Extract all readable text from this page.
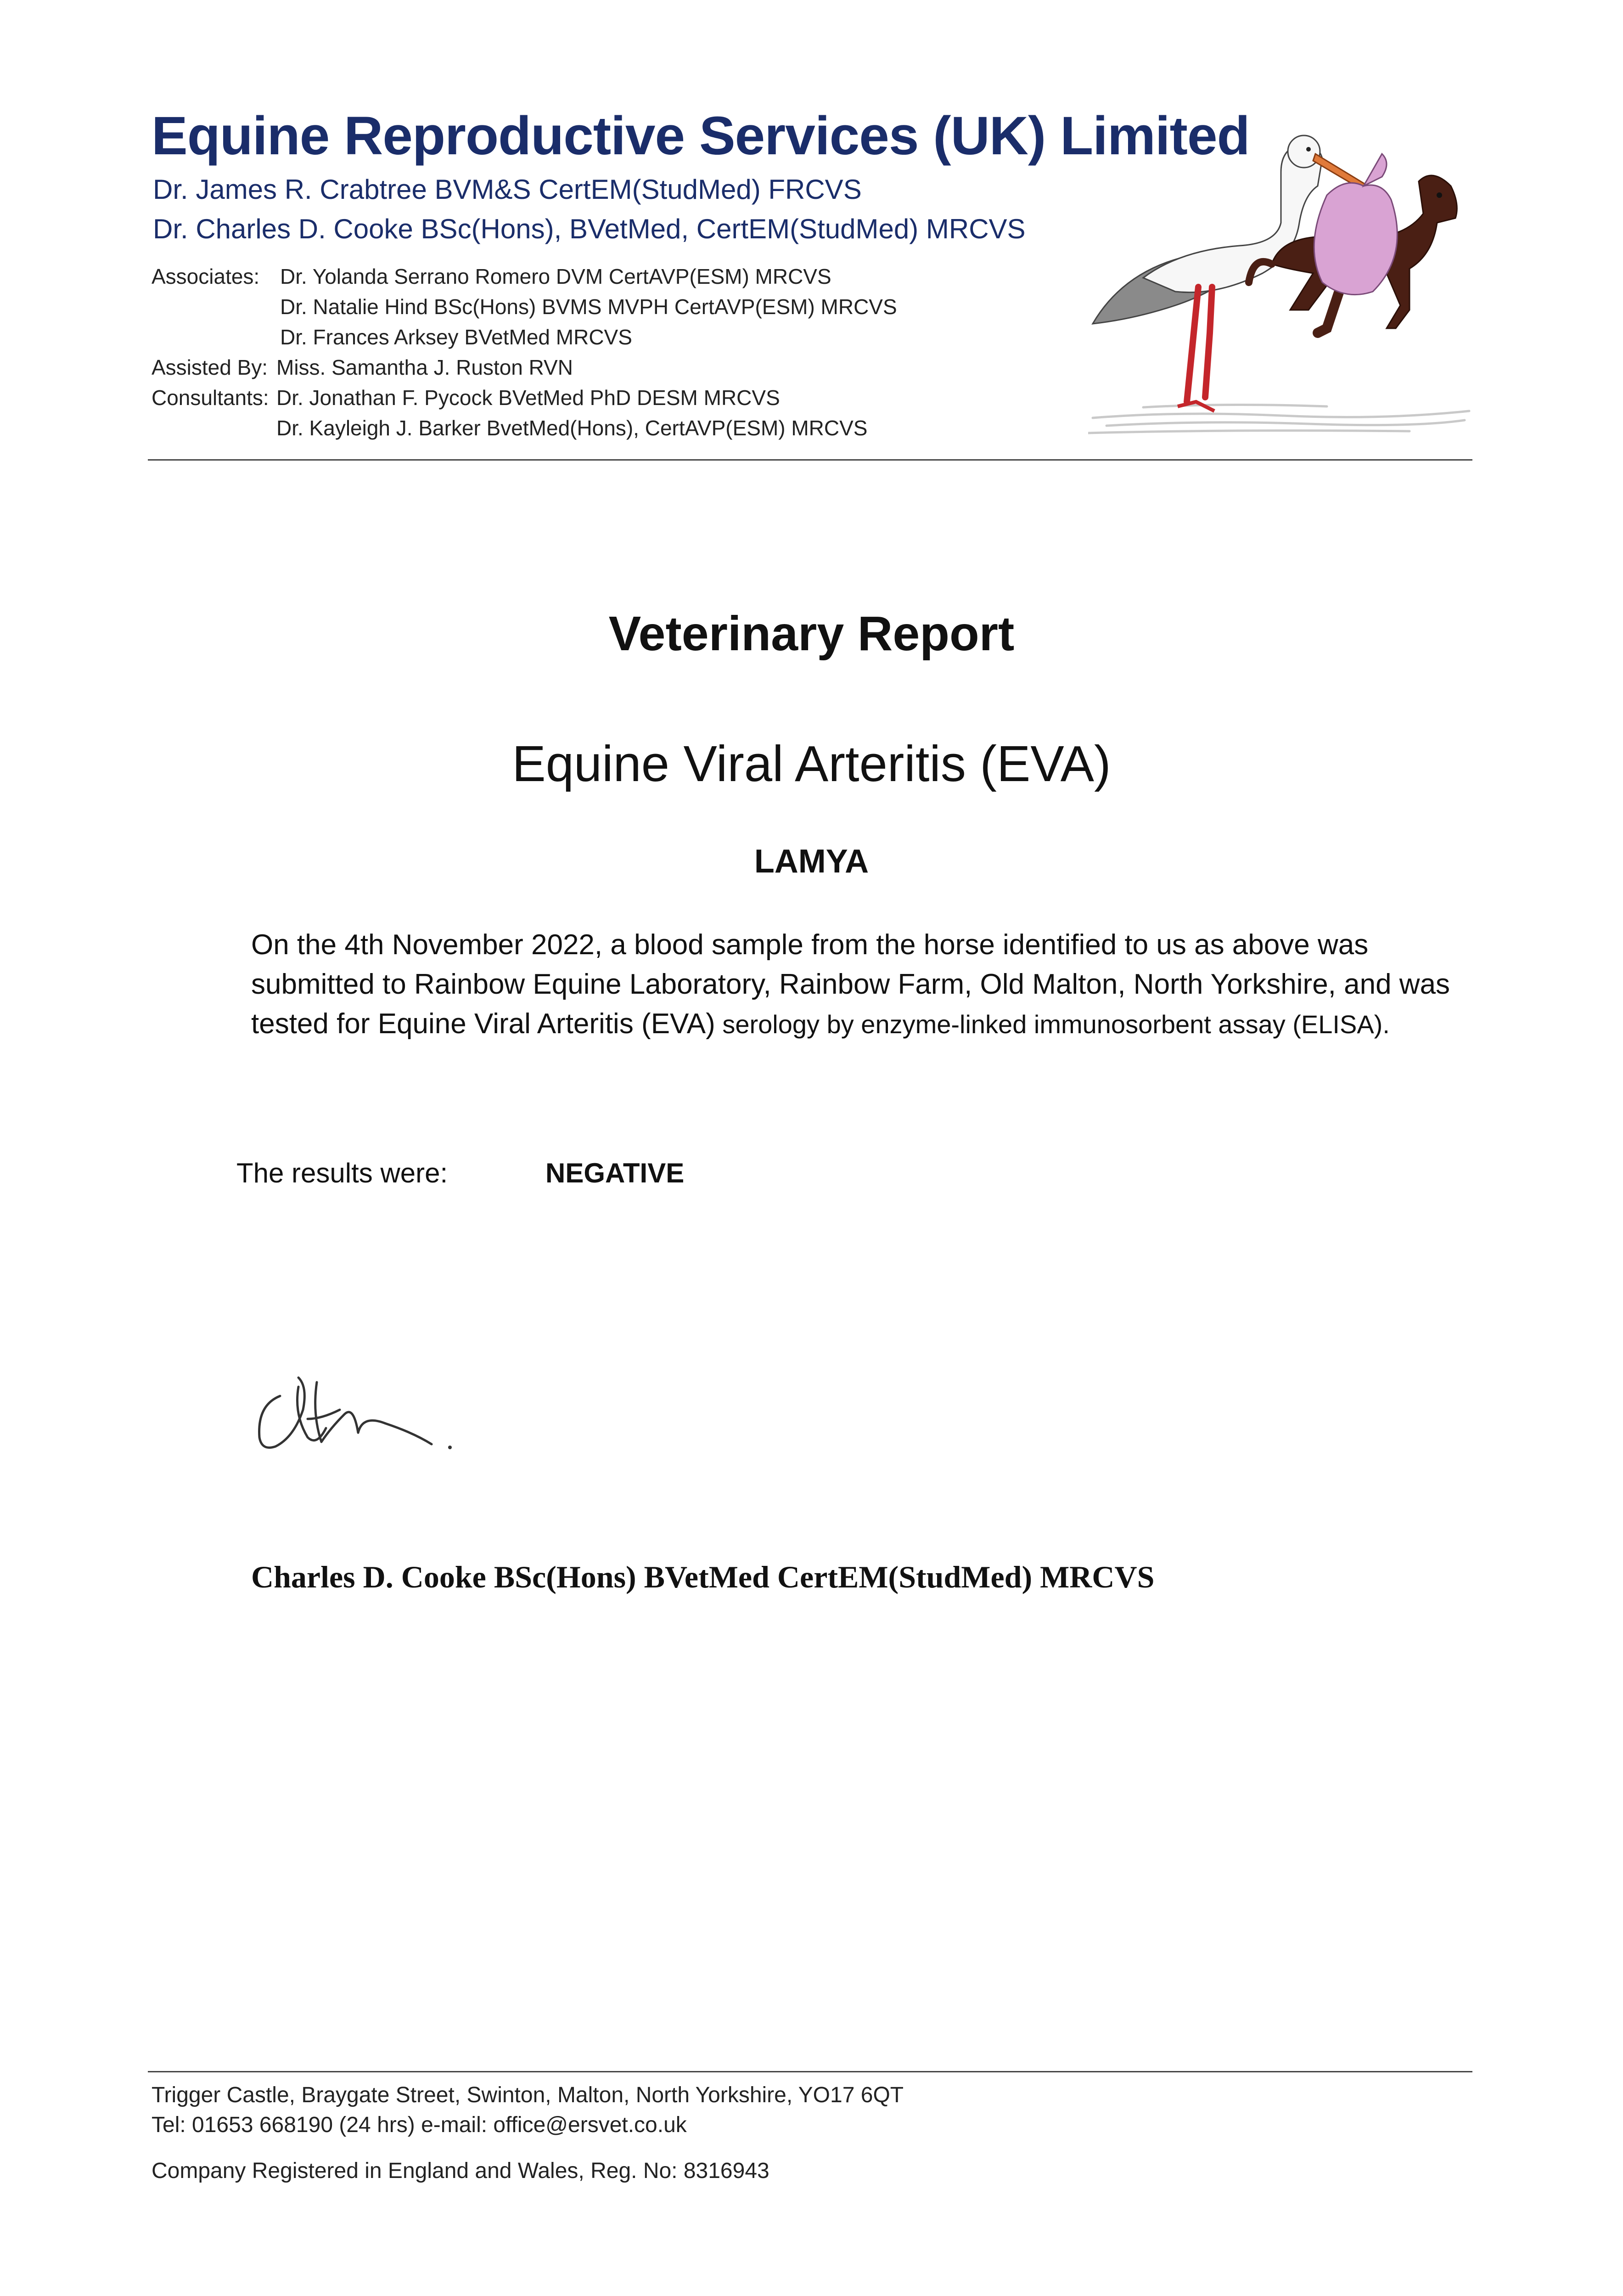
Equine Reproductive Services (UK) Limited
Dr. James R. Crabtree BVM&S CertEM(StudMed) FRCVS
Dr. Charles D. Cooke BSc(Hons), BVetMed, CertEM(StudMed) MRCVS
Associates: Dr. Yolanda Serrano Romero DVM CertAVP(ESM) MRCVS
Dr. Natalie Hind BSc(Hons) BVMS MVPH CertAVP(ESM) MRCVS
Dr. Frances Arksey BVetMed MRCVS
Assisted By: Miss. Samantha J. Ruston RVN
Consultants: Dr. Jonathan F. Pycock BVetMed PhD DESM MRCVS
Dr. Kayleigh J. Barker BvetMed(Hons), CertAVP(ESM) MRCVS
Veterinary Report
Equine Viral Arteritis (EVA)
LAMYA
On the 4th November 2022, a blood sample from the horse identified to us as above was submitted to Rainbow Equine Laboratory, Rainbow Farm, Old Malton, North Yorkshire, and was tested for Equine Viral Arteritis (EVA) serology by enzyme-linked immunosorbent assay (ELISA).
The results were:	NEGATIVE
Charles D. Cooke BSc(Hons) BVetMed CertEM(StudMed) MRCVS
Trigger Castle, Braygate Street, Swinton, Malton, North Yorkshire, YO17 6QT
Tel: 01653 668190 (24 hrs) e-mail: office@ersvet.co.uk
Company Registered in England and Wales, Reg. No: 8316943
